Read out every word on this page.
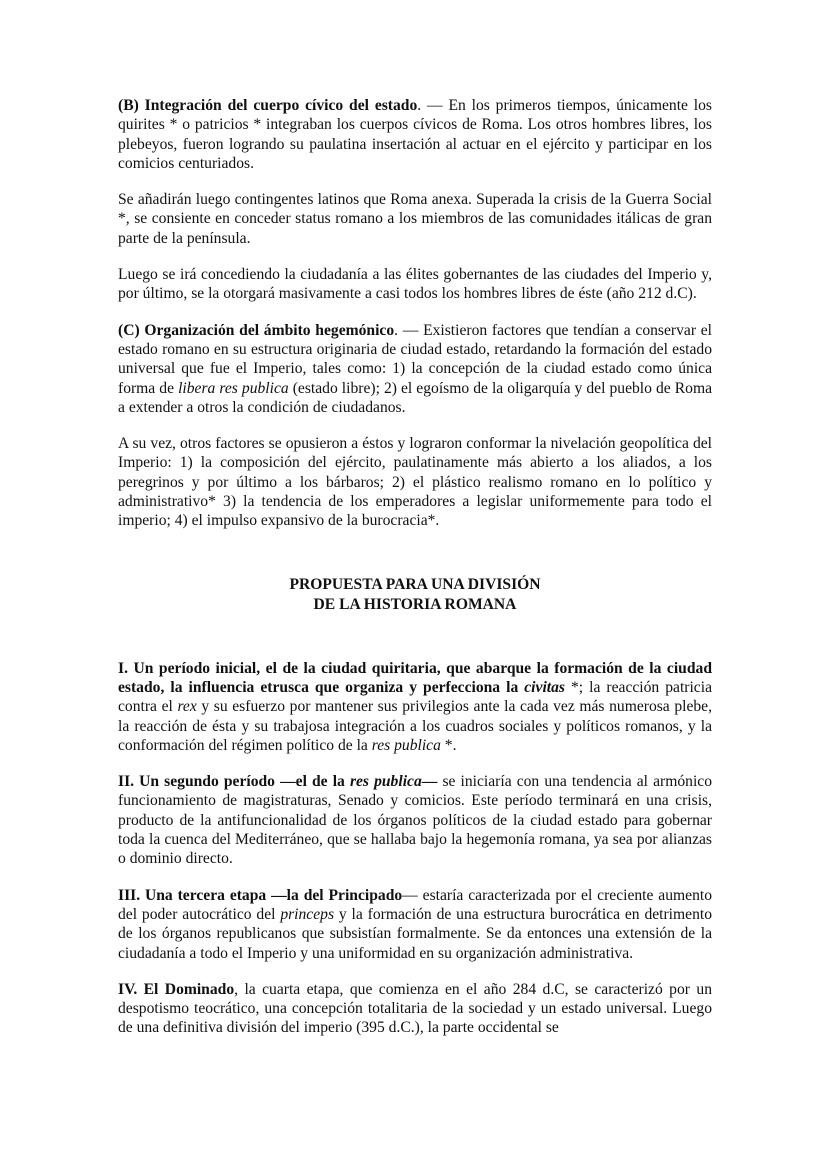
(B) Integración del cuerpo cívico del estado. — En los primeros tiempos, únicamente los quirites * o patricios * integraban los cuerpos cívicos de Roma. Los otros hombres libres, los plebeyos, fueron logrando su paulatina insertación al actuar en el ejército y participar en los comicios centuriados.

Se añadirán luego contingentes latinos que Roma anexa. Superada la crisis de la Guerra Social *, se consiente en conceder status romano a los miembros de las comunidades itálicas de gran parte de la península.

Luego se irá concediendo la ciudadanía a las élites gobernantes de las ciudades del Imperio y, por último, se la otorgará masivamente a casi todos los hombres libres de éste (año 212 d.C).

(C) Organización del ámbito hegemónico. — Existieron factores que tendían a conservar el estado romano en su estructura originaria de ciudad estado, retardando la formación del estado universal que fue el Imperio, tales como: 1) la concepción de la ciudad estado como única forma de libera res publica (estado libre); 2) el egoísmo de la oligarquía y del pueblo de Roma a extender a otros la condición de ciudadanos.

A su vez, otros factores se opusieron a éstos y lograron conformar la nivelación geopolítica del Imperio: 1) la composición del ejército, paulatinamente más abierto a los aliados, a los peregrinos y por último a los bárbaros; 2) el plástico realismo romano en lo político y administrativo* 3) la tendencia de los emperadores a legislar uniformemente para todo el imperio; 4) el impulso expansivo de la burocracia*.

PROPUESTA PARA UNA DIVISIÓN
DE LA HISTORIA ROMANA

I. Un período inicial, el de la ciudad quiritaria, que abarque la formación de la ciudad estado, la influencia etrusca que organiza y perfecciona la civitas *; la reacción patricia contra el rex y su esfuerzo por mantener sus privilegios ante la cada vez más numerosa plebe, la reacción de ésta y su trabajosa integración a los cuadros sociales y políticos romanos, y la conformación del régimen político de la res publica *.

II. Un segundo período —el de la res publica— se iniciaría con una tendencia al armónico funcionamiento de magistraturas, Senado y comicios. Este período terminará en una crisis, producto de la antifuncionalidad de los órganos políticos de la ciudad estado para gobernar toda la cuenca del Mediterráneo, que se hallaba bajo la hegemonía romana, ya sea por alianzas o dominio directo.

III. Una tercera etapa —la del Principado— estaría caracterizada por el creciente aumento del poder autocrático del princeps y la formación de una estructura burocrática en detrimento de los órganos republicanos que subsistían formalmente. Se da entonces una extensión de la ciudadanía a todo el Imperio y una uniformidad en su organización administrativa.

IV. El Dominado, la cuarta etapa, que comienza en el año 284 d.C, se caracterizó por un despotismo teocrático, una concepción totalitaria de la sociedad y un estado universal. Luego de una definitiva división del imperio (395 d.C.), la parte occidental se
